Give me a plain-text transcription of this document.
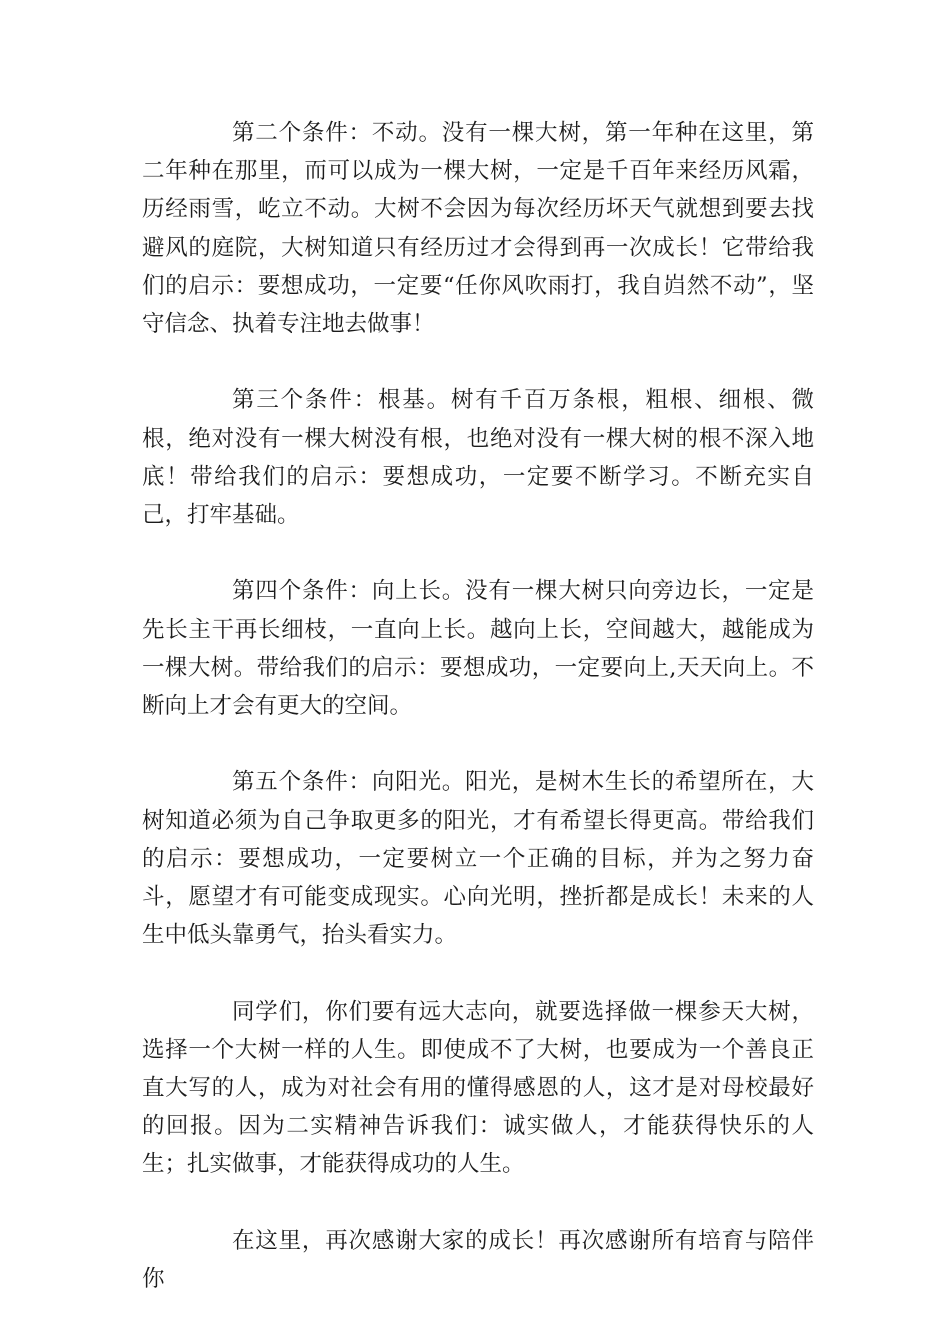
第二个条件：不动。没有一棵大树，第一年种在这里，第二年种在那里，而可以成为一棵大树，一定是千百年来经历风霜，历经雨雪，屹立不动。大树不会因为每次经历坏天气就想到要去找避风的庭院，大树知道只有经历过才会得到再一次成长！它带给我们的启示：要想成功，一定要“任你风吹雨打，我自岿然不动”，坚守信念、执着专注地去做事！

第三个条件：根基。树有千百万条根，粗根、细根、微根，绝对没有一棵大树没有根，也绝对没有一棵大树的根不深入地底！带给我们的启示：要想成功，一定要不断学习。不断充实自己，打牢基础。

第四个条件：向上长。没有一棵大树只向旁边长，一定是先长主干再长细枝，一直向上长。越向上长，空间越大，越能成为一棵大树。带给我们的启示：要想成功，一定要向上,天天向上。不断向上才会有更大的空间。

第五个条件：向阳光。阳光，是树木生长的希望所在，大树知道必须为自己争取更多的阳光，才有希望长得更高。带给我们的启示：要想成功，一定要树立一个正确的目标，并为之努力奋斗，愿望才有可能变成现实。心向光明，挫折都是成长！未来的人生中低头靠勇气，抬头看实力。

同学们，你们要有远大志向，就要选择做一棵参天大树，选择一个大树一样的人生。即使成不了大树，也要成为一个善良正直大写的人，成为对社会有用的懂得感恩的人，这才是对母校最好的回报。因为二实精神告诉我们：诚实做人，才能获得快乐的人生；扎实做事，才能获得成功的人生。

在这里，再次感谢大家的成长！再次感谢所有培育与陪伴你
